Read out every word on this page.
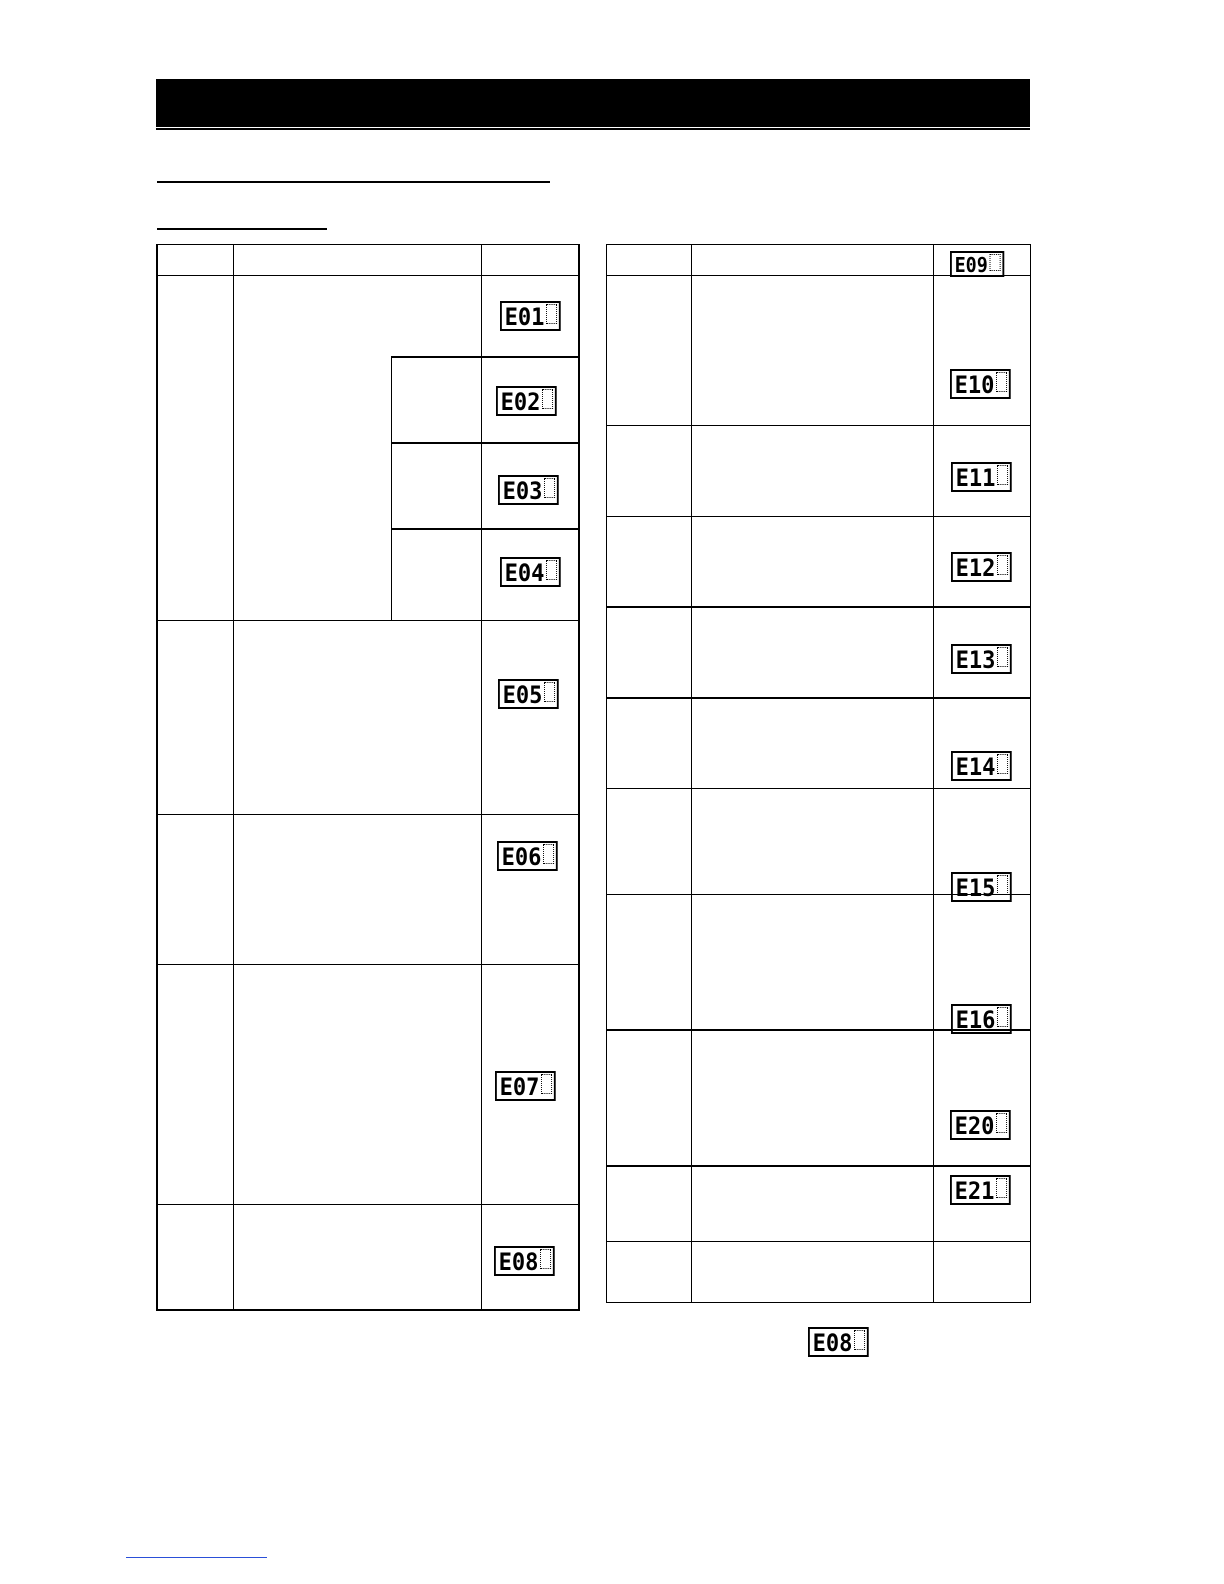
E01
E02
E03
E04
E05
E06
E07
E08
E09
E10
E11
E12
E13
E14
E15
E16
E20
E21
E08
